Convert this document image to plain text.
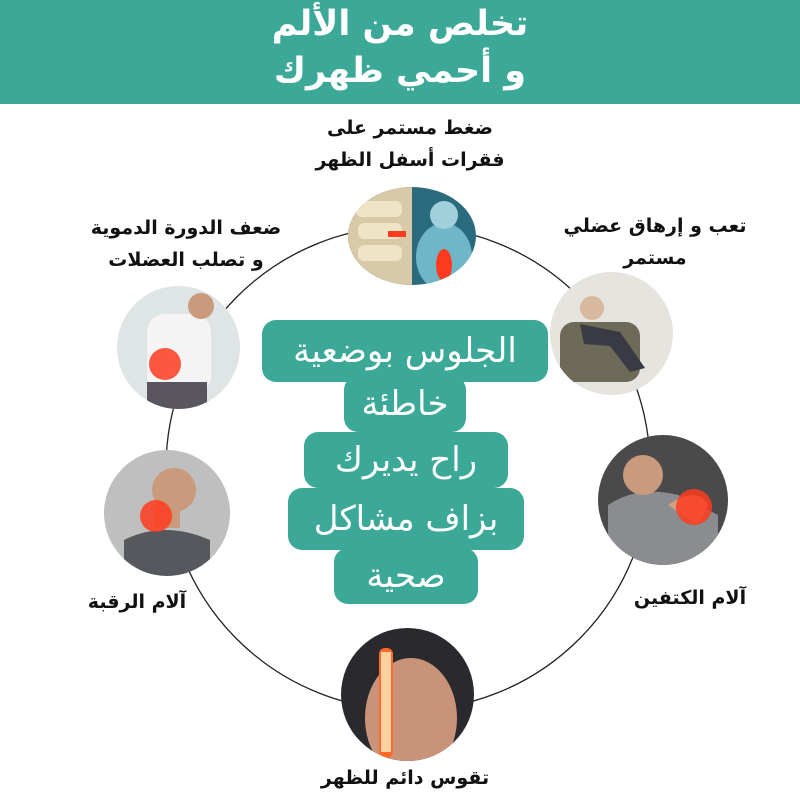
تخلص من الألم
و أحمي ظهرك
ضغط مستمر على
فقرات أسفل الظهر
تعب و إرهاق عضلي
مستمر
ضعف الدورة الدموية
و تصلب العضلات
آلام الكتفين
آلام الرقبة
تقوس دائم للظهر
الجلوس بوضعية
خاطئة
راح يديرك
بزاف مشاكل
صحية
